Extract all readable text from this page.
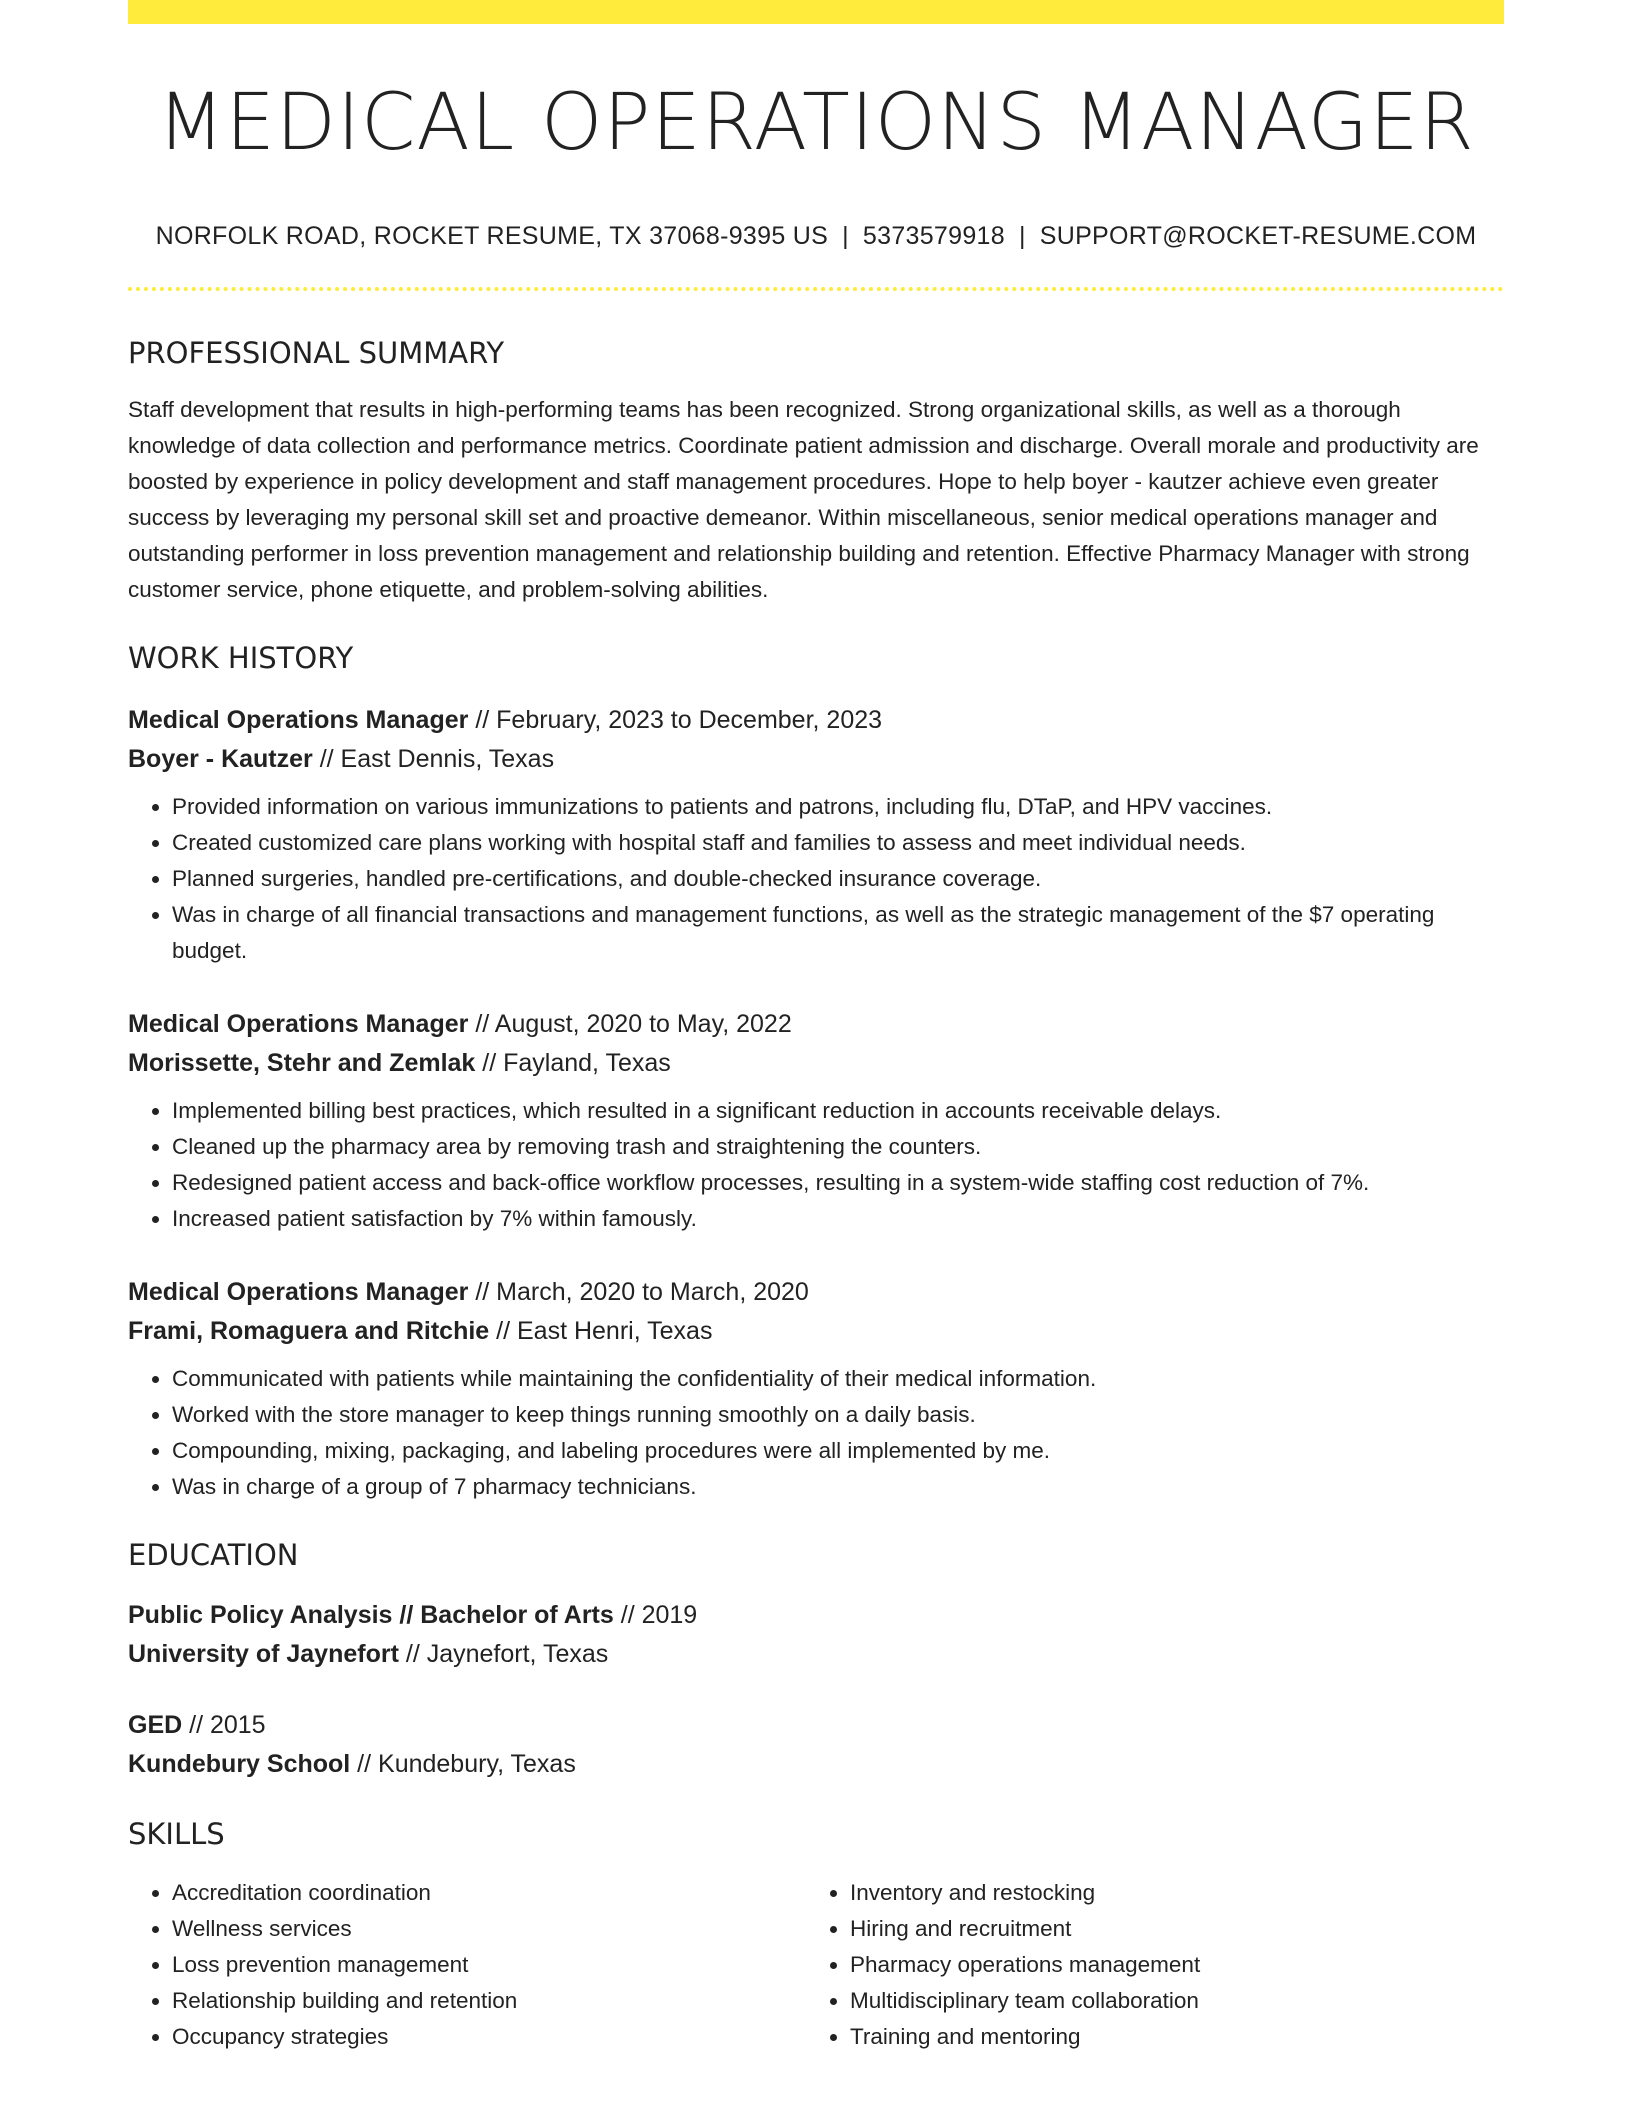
MEDICAL OPERATIONS MANAGER
NORFOLK ROAD, ROCKET RESUME, TX 37068-9395 US | 5373579918 | SUPPORT@ROCKET-RESUME.COM
PROFESSIONAL SUMMARY
Staff development that results in high-performing teams has been recognized. Strong organizational skills, as well as a thorough knowledge of data collection and performance metrics. Coordinate patient admission and discharge. Overall morale and productivity are boosted by experience in policy development and staff management procedures. Hope to help boyer - kautzer achieve even greater success by leveraging my personal skill set and proactive demeanor. Within miscellaneous, senior medical operations manager and outstanding performer in loss prevention management and relationship building and retention. Effective Pharmacy Manager with strong customer service, phone etiquette, and problem-solving abilities.
WORK HISTORY
Medical Operations Manager // February, 2023 to December, 2023
Boyer - Kautzer // East Dennis, Texas
• Provided information on various immunizations to patients and patrons, including flu, DTaP, and HPV vaccines.
• Created customized care plans working with hospital staff and families to assess and meet individual needs.
• Planned surgeries, handled pre-certifications, and double-checked insurance coverage.
• Was in charge of all financial transactions and management functions, as well as the strategic management of the $7 operating budget.
Medical Operations Manager // August, 2020 to May, 2022
Morissette, Stehr and Zemlak // Fayland, Texas
• Implemented billing best practices, which resulted in a significant reduction in accounts receivable delays.
• Cleaned up the pharmacy area by removing trash and straightening the counters.
• Redesigned patient access and back-office workflow processes, resulting in a system-wide staffing cost reduction of 7%.
• Increased patient satisfaction by 7% within famously.
Medical Operations Manager // March, 2020 to March, 2020
Frami, Romaguera and Ritchie // East Henri, Texas
• Communicated with patients while maintaining the confidentiality of their medical information.
• Worked with the store manager to keep things running smoothly on a daily basis.
• Compounding, mixing, packaging, and labeling procedures were all implemented by me.
• Was in charge of a group of 7 pharmacy technicians.
EDUCATION
Public Policy Analysis // Bachelor of Arts // 2019
University of Jaynefort // Jaynefort, Texas
GED // 2015
Kundebury School // Kundebury, Texas
SKILLS
• Accreditation coordination
• Wellness services
• Loss prevention management
• Relationship building and retention
• Occupancy strategies
• Inventory and restocking
• Hiring and recruitment
• Pharmacy operations management
• Multidisciplinary team collaboration
• Training and mentoring
